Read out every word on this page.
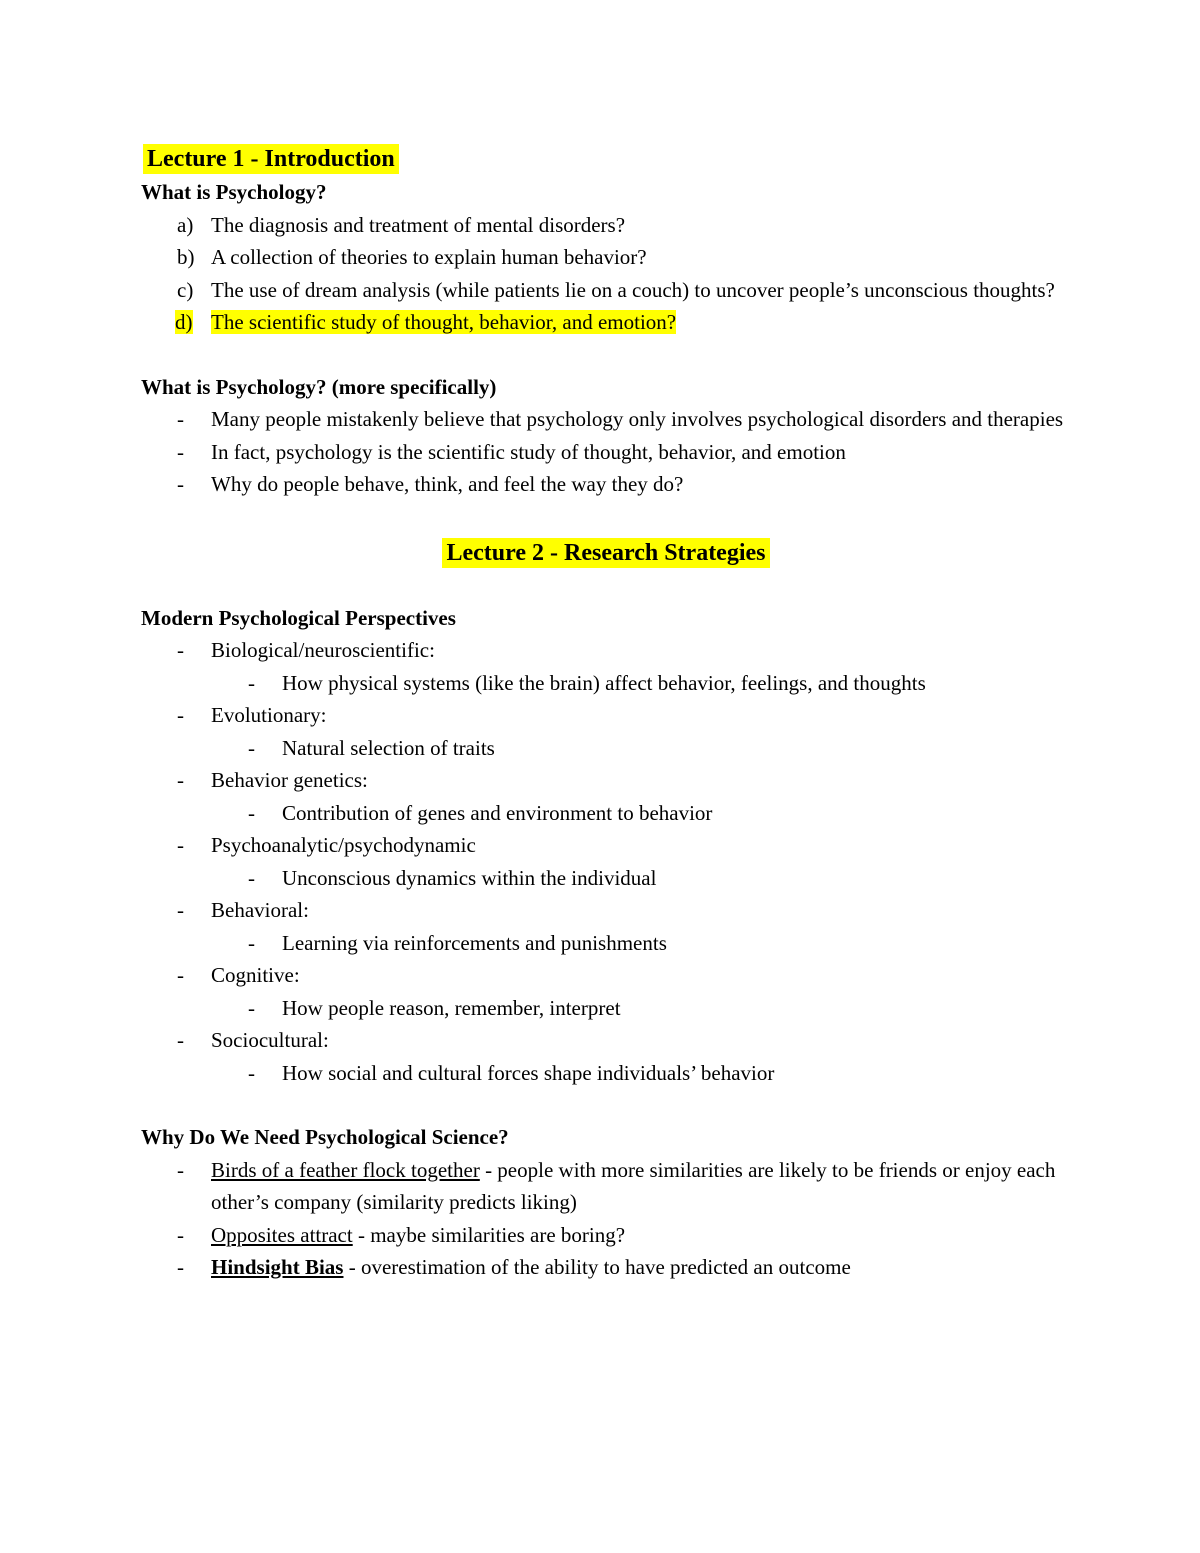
Lecture 1 - Introduction
What is Psychology?
a) The diagnosis and treatment of mental disorders?
b) A collection of theories to explain human behavior?
c) The use of dream analysis (while patients lie on a couch) to uncover people’s unconscious thoughts?
d) The scientific study of thought, behavior, and emotion?
What is Psychology? (more specifically)
-	Many people mistakenly believe that psychology only involves psychological disorders and therapies
-	In fact, psychology is the scientific study of thought, behavior, and emotion
-	Why do people behave, think, and feel the way they do?
Lecture 2 - Research Strategies
Modern Psychological Perspectives
-	Biological/neuroscientific:
-	How physical systems (like the brain) affect behavior, feelings, and thoughts
-	Evolutionary:
-	Natural selection of traits
-	Behavior genetics:
-	Contribution of genes and environment to behavior
-	Psychoanalytic/psychodynamic
-	Unconscious dynamics within the individual
-	Behavioral:
-	Learning via reinforcements and punishments
-	Cognitive:
-	How people reason, remember, interpret
-	Sociocultural:
-	How social and cultural forces shape individuals’ behavior
Why Do We Need Psychological Science?
-	Birds of a feather flock together - people with more similarities are likely to be friends or enjoy each other’s company (similarity predicts liking)
-	Opposites attract - maybe similarities are boring?
-	Hindsight Bias - overestimation of the ability to have predicted an outcome
